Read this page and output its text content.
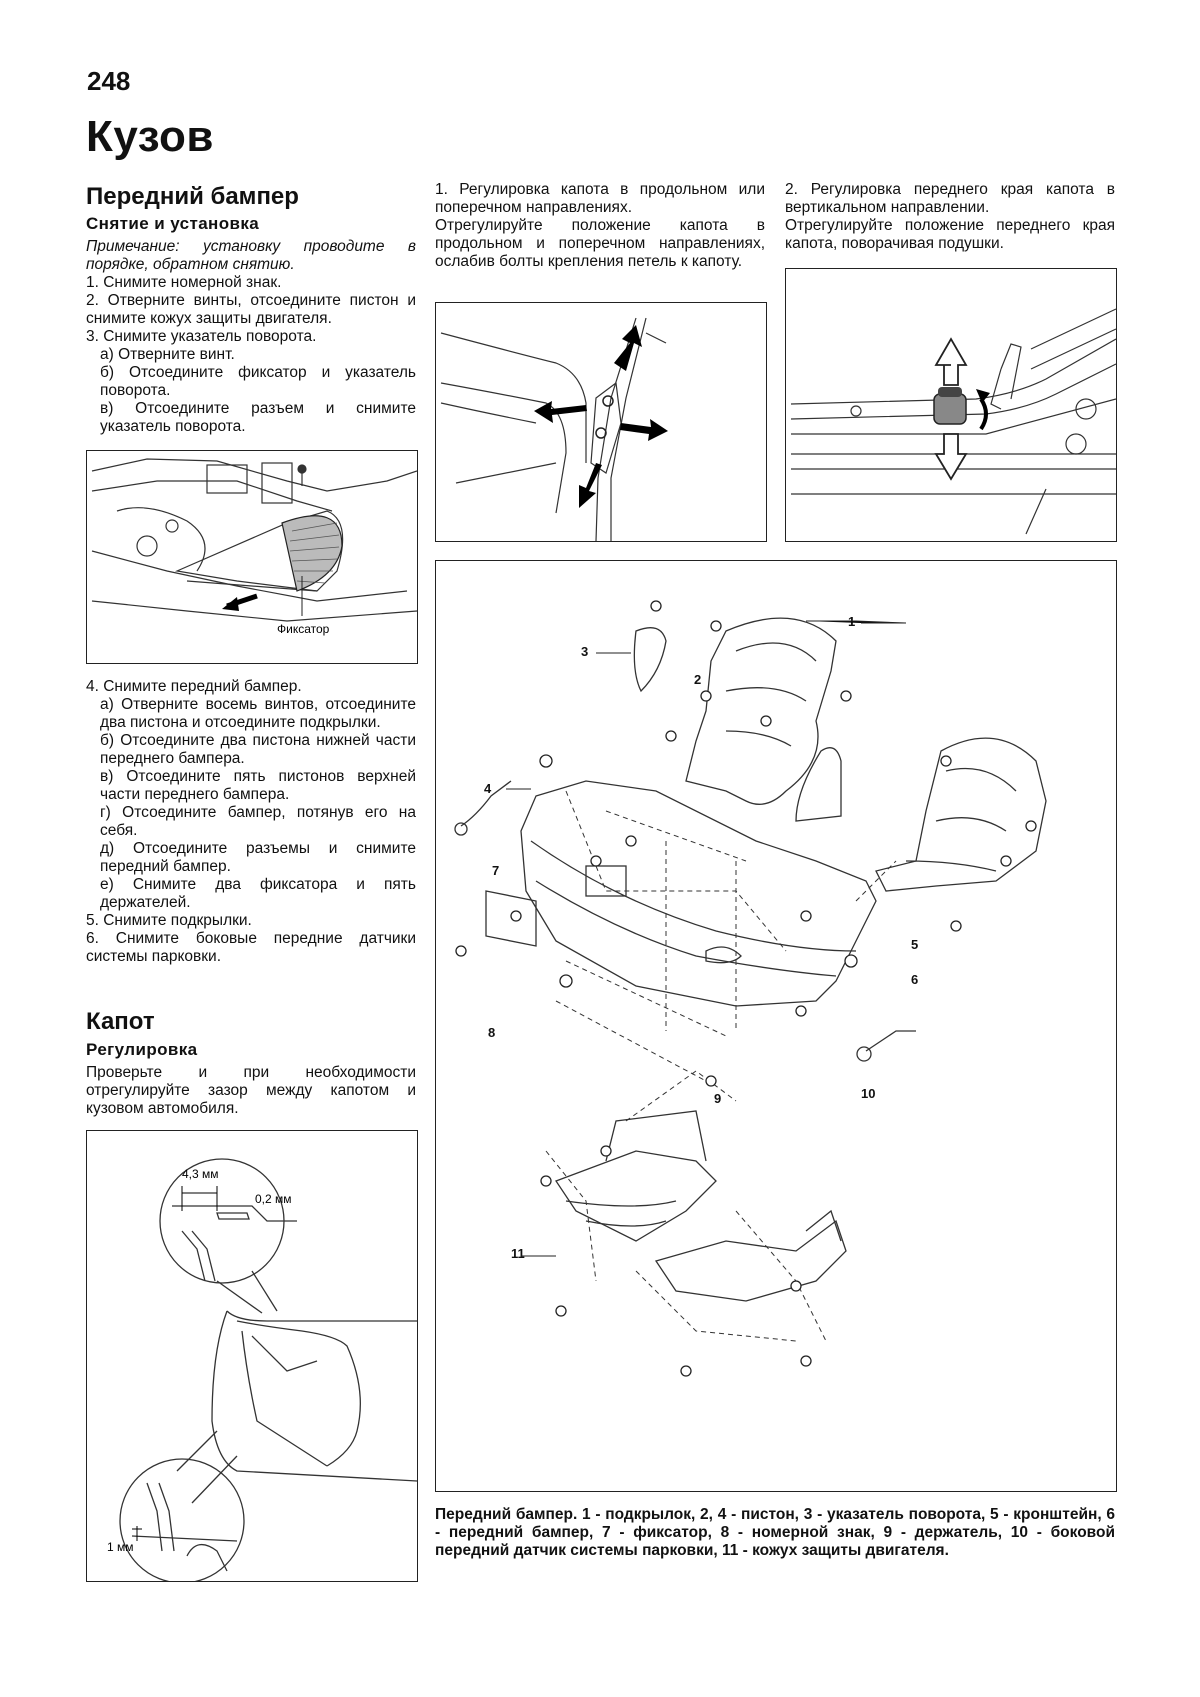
248
Кузов
Передний бампер
Снятие и установка

Примечание: установку проводите в порядке, обратном снятию.

1. Снимите номерной знак.

2. Отверните винты, отсоедините пистон и снимите кожух защиты двигателя.

3. Снимите указатель поворота.

а) Отверните винт.

б) Отсоедините фиксатор и указатель поворота.

в) Отсоедините разъем и снимите указатель поворота.

Фиксатор

4. Снимите передний бампер.

а) Отверните восемь винтов, отсоедините два пистона и отсоедините подкрылки.

б) Отсоедините два пистона нижней части переднего бампера.

в) Отсоедините пять пистонов верхней части переднего бампера.

г) Отсоедините бампер, потянув его на себя.

д) Отсоедините разъемы и снимите передний бампер.

е) Снимите два фиксатора и пять держателей.

5. Снимите подкрылки.

6. Снимите боковые передние датчики системы парковки.

Капот
Регулировка
Проверьте и при необходимости отрегулируйте зазор между капотом и кузовом автомобиля.
4,3 мм
0,2 мм
1 мм

1. Регулировка капота в продольном или поперечном направлениях.

Отрегулируйте положение капота в продольном и поперечном направлениях, ослабив болты крепления петель к капоту.

2. Регулировка переднего края капота в вертикальном направлении.

Отрегулируйте положение переднего края капота, поворачивая подушки.

2
3
4
5
6
7
8
9	10
11
Передний бампер. 1 - подкрылок, 2, 4 - пистон, 3 - указатель поворота, 5 - кронштейн, 6 - передний бампер, 7 - фиксатор, 8 - номерной знак, 9 - держатель, 10 - боковой передний датчик системы парковки, 11 - кожух защиты двигателя.
